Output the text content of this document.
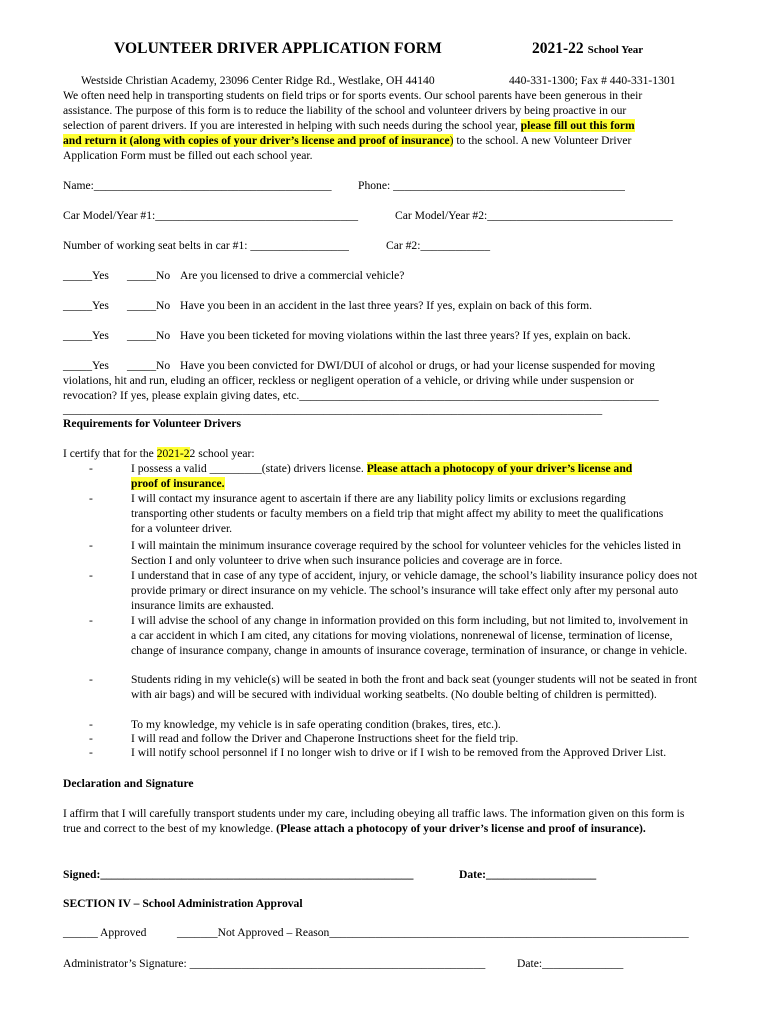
VOLUNTEER DRIVER APPLICATION FORM	2021-22 School Year
Westside Christian Academy, 23096 Center Ridge Rd., Westlake, OH 44140	440-331-1300; Fax # 440-331-1301
We often need help in transporting students on field trips or for sports events. Our school parents have been generous in their
assistance. The purpose of this form is to reduce the liability of the school and volunteer drivers by being proactive in our
selection of parent drivers. If you are interested in helping with such needs during the school year, please fill out this form
and return it (along with copies of your driver’s license and proof of insurance) to the school. A new Volunteer Driver
Application Form must be filled out each school year.
Name:_________________________________________ Phone: ________________________________________
Car Model/Year #1:___________________________________	Car Model/Year #2:________________________________
Number of working seat belts in car #1: _________________	Car #2:____________
_____Yes _____No Are you licensed to drive a commercial vehicle?
_____Yes _____No Have you been in an accident in the last three years? If yes, explain on back of this form.
_____Yes _____No Have you been ticketed for moving violations within the last three years? If yes, explain on back.
_____Yes _____No Have you been convicted for DWI/DUI of alcohol or drugs, or had your license suspended for moving
violations, hit and run, eluding an officer, reckless or negligent operation of a vehicle, or driving while under suspension or
revocation? If yes, please explain giving dates, etc.______________________________________________________________
_____________________________________________________________________________________________
Requirements for Volunteer Drivers
I certify that for the 2021-22 school year:
-	I possess a valid _________(state) drivers license. Please attach a photocopy of your driver’s license and
proof of insurance.
-	I will contact my insurance agent to ascertain if there are any liability policy limits or exclusions regarding transporting other students or faculty members on a field trip that might affect my ability to meet the qualifications for a volunteer driver.
-	I will maintain the minimum insurance coverage required by the school for volunteer vehicles for the vehicles listed in Section I and only volunteer to drive when such insurance policies and coverage are in force.
-	I understand that in case of any type of accident, injury, or vehicle damage, the school’s liability insurance policy does not provide primary or direct insurance on my vehicle. The school’s insurance will take effect only after my personal auto insurance limits are exhausted.
-	I will advise the school of any change in information provided on this form including, but not limited to, involvement in a car accident in which I am cited, any citations for moving violations, nonrenewal of license, termination of license, change of insurance company, change in amounts of insurance coverage, termination of insurance, or change in vehicle.
-	Students riding in my vehicle(s) will be seated in both the front and back seat (younger students will not be seated in front with air bags) and will be secured with individual working seatbelts. (No double belting of children is permitted).
-	To my knowledge, my vehicle is in safe operating condition (brakes, tires, etc.).
-	I will read and follow the Driver and Chaperone Instructions sheet for the field trip.
-	I will notify school personnel if I no longer wish to drive or if I wish to be removed from the Approved Driver List.
Declaration and Signature
I affirm that I will carefully transport students under my care, including obeying all traffic laws. The information given on this form is true and correct to the best of my knowledge. (Please attach a photocopy of your driver’s license and proof of insurance).
Signed:______________________________________________________	Date:___________________
SECTION IV – School Administration Approval
______ Approved	_______Not Approved – Reason______________________________________________________________
Administrator’s Signature: ___________________________________________________	Date:______________
